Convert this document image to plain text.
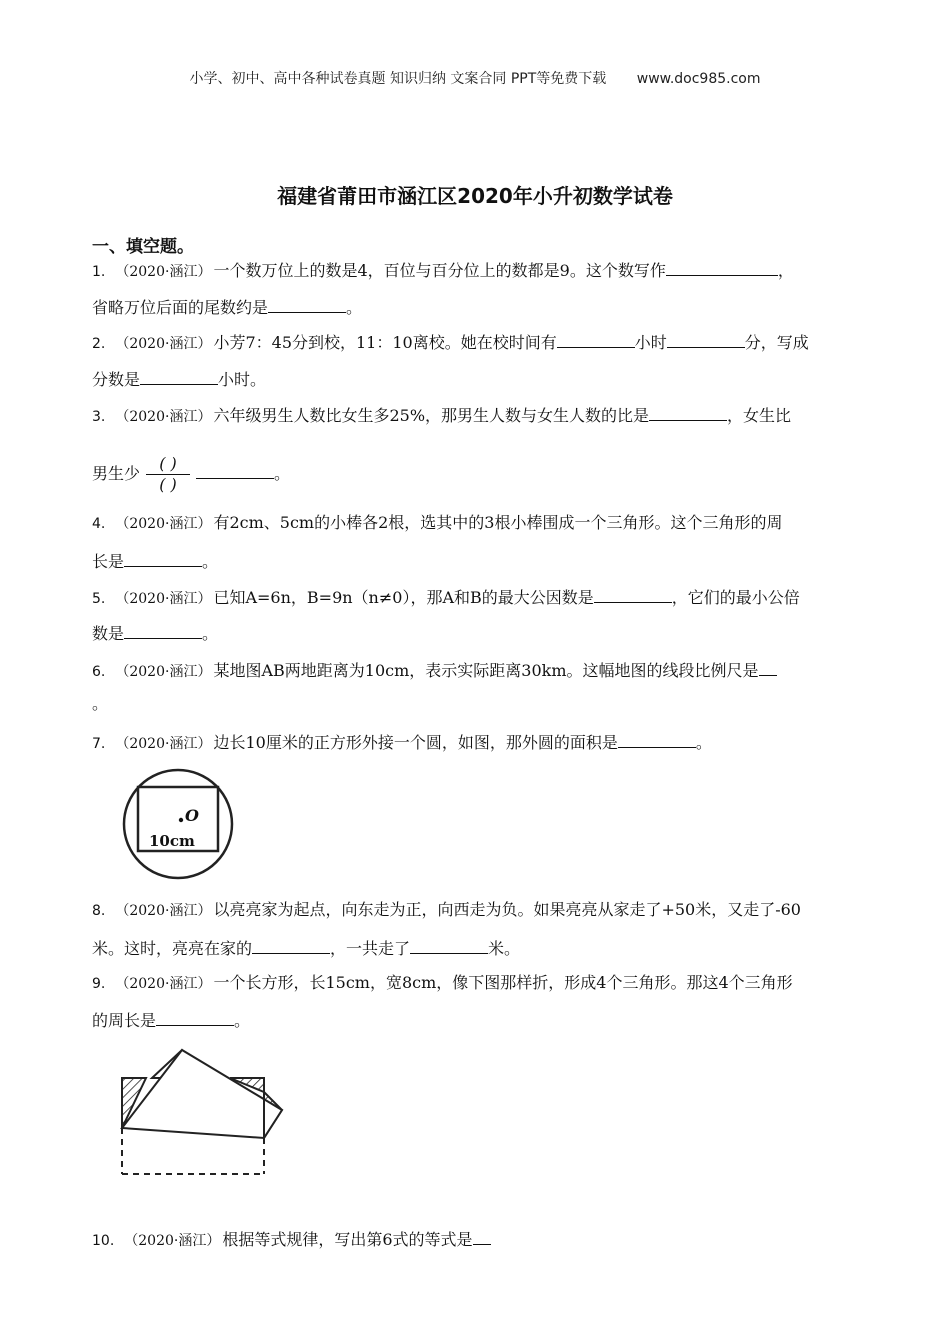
小学、初中、高中各种试卷真题 知识归纳 文案合同 PPT等免费下载 www.doc985.com
福建省莆田市涵江区2020年小升初数学试卷
一、填空题。
1. （2020·涵江） 一个数万位上的数是4，百位与百分位上的数都是9。这个数写作	，
省略万位后面的尾数约是	。
2. （2020·涵江） 小芳7：45分到校，11：10离校。她在校时间有	小时	分，写成
分数是	小时。
3. （2020·涵江） 六年级男生人数比女生多25%，那男生人数与女生人数的比是	，女生比
男生少 $\frac{( )}{( )}$	。
4. （2020·涵江） 有2cm、5cm的小棒各2根，选其中的3根小棒围成一个三角形。这个三角形的周
长是	。
5. （2020·涵江） 已知A=6n，B=9n（n≠0），那A和B的最大公因数是	，它们的最小公倍
数是	。
6. （2020·涵江） 某地图AB两地距离为10cm，表示实际距离30km。这幅地图的线段比例尺是
。
7. （2020·涵江） 边长10厘米的正方形外接一个圆，如图，那外圆的面积是	。
O
10cm
8. （2020·涵江） 以亮亮家为起点，向东走为正，向西走为负。如果亮亮从家走了+50米，又走了-60
米。这时，亮亮在家的	，一共走了	米。
9. （2020·涵江） 一个长方形，长15cm，宽8cm，像下图那样折，形成4个三角形。那这4个三角形
的周长是	。
10. （2020·涵江） 根据等式规律，写出第6式的等式是
